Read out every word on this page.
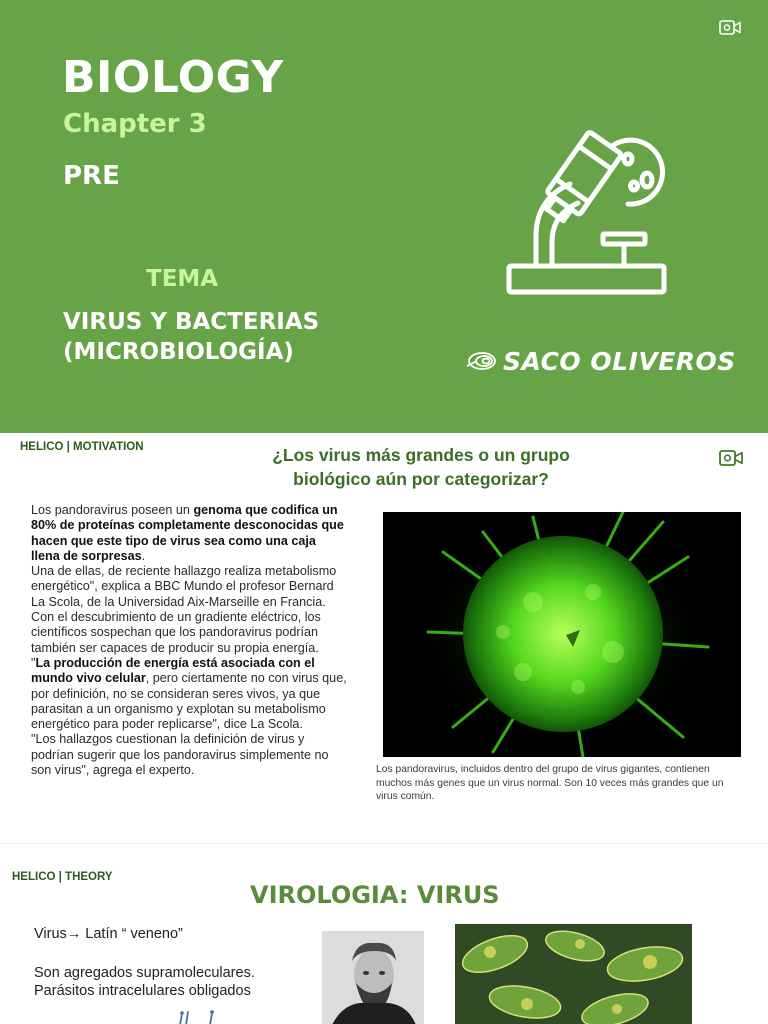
BIOLOGY
Chapter 3
PRE
TEMA
VIRUS Y BACTERIAS
(MICROBIOLOGÍA)	SACO OLIVEROS
HELICO | MOTIVATION	¿Los virus más grandes o un grupo
biológico aún por categorizar?

Los pandoravirus poseen un genoma que codifica un 80% de proteínas completamente desconocidas que hacen que este tipo de virus sea como una caja llena de sorpresas.

Una de ellas, de reciente hallazgo realiza metabolismo energético", explica a BBC Mundo el profesor Bernard La Scola, de la Universidad Aix-Marseille en Francia.

Con el descubrimiento de un gradiente eléctrico, los científicos sospechan que los pandoravirus podrían también ser capaces de producir su propia energía.

"La producción de energía está asociada con el mundo vivo celular, pero ciertamente no con virus que, por definición, no se consideran seres vivos, ya que parasitan a un organismo y explotan su metabolismo energético para poder replicarse", dice La Scola.

"Los hallazgos cuestionan la definición de virus y podrían sugerir que los pandoravirus simplemente no son virus", agrega el experto.	Los pandoravirus, incluidos dentro del grupo de virus gigantes, contienen muchos más genes que un virus normal. Son 10 veces más grandes que un virus común.
HELICO | THEORY
VIROLOGIA: VIRUS
Virus→ Latín “ veneno”
Son agregados supramoleculares.
Parásitos intracelulares obligados
